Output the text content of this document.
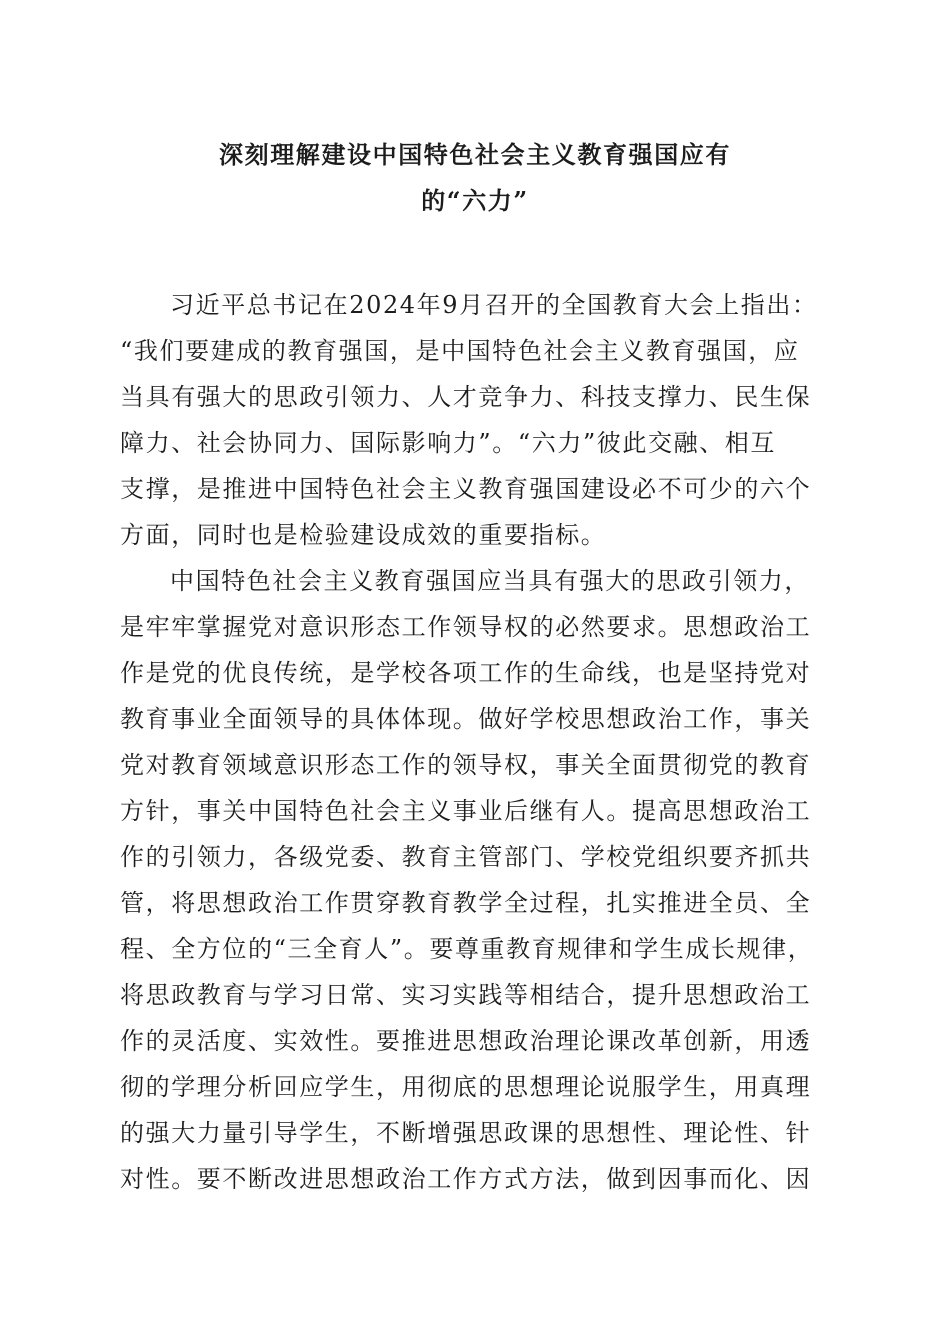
深刻理解建设中国特色社会主义教育强国应有
的“六力”

习近平总书记在2024年9月召开的全国教育大会上指出：
“我们要建成的教育强国，是中国特色社会主义教育强国，应
当具有强大的思政引领力、人才竞争力、科技支撑力、民生保
障力、社会协同力、国际影响力”。“六力”彼此交融、相互
支撑，是推进中国特色社会主义教育强国建设必不可少的六个
方面，同时也是检验建设成效的重要指标。

中国特色社会主义教育强国应当具有强大的思政引领力，
是牢牢掌握党对意识形态工作领导权的必然要求。思想政治工
作是党的优良传统，是学校各项工作的生命线，也是坚持党对
教育事业全面领导的具体体现。做好学校思想政治工作，事关
党对教育领域意识形态工作的领导权，事关全面贯彻党的教育
方针，事关中国特色社会主义事业后继有人。提高思想政治工
作的引领力，各级党委、教育主管部门、学校党组织要齐抓共
管，将思想政治工作贯穿教育教学全过程，扎实推进全员、全
程、全方位的“三全育人”。要尊重教育规律和学生成长规律，
将思政教育与学习日常、实习实践等相结合，提升思想政治工
作的灵活度、实效性。要推进思想政治理论课改革创新，用透
彻的学理分析回应学生，用彻底的思想理论说服学生，用真理
的强大力量引导学生，不断增强思政课的思想性、理论性、针
对性。要不断改进思想政治工作方式方法，做到因事而化、因
